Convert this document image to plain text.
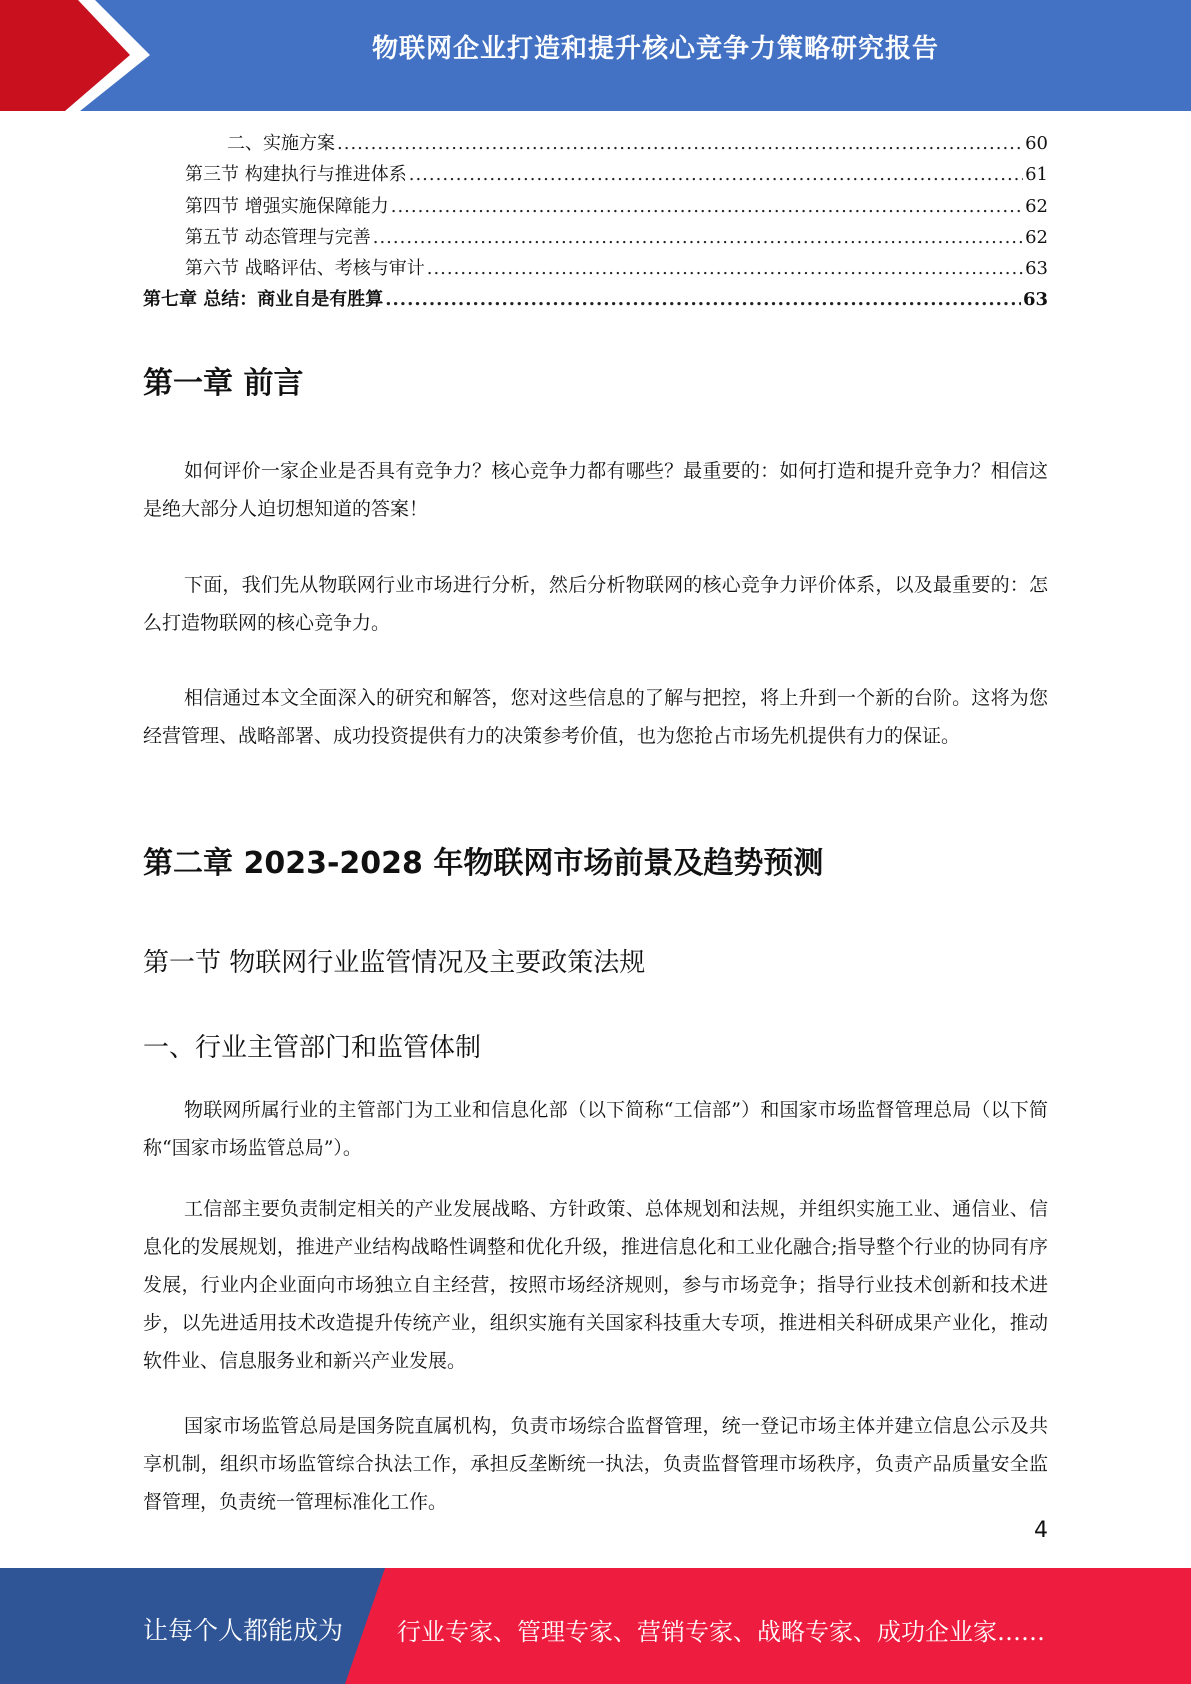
物联网企业打造和提升核心竞争力策略研究报告
二、实施方案 .....	60
第三节 构建执行与推进体系 .....	61
第四节 增强实施保障能力 .....	62
第五节 动态管理与完善 .....	62
第六节 战略评估、考核与审计 .....	63
第七章 总结：商业自是有胜算 .....	63
第一章 前言

如何评价一家企业是否具有竞争力？核心竞争力都有哪些？最重要的：如何打造和提升竞争力？相信这是绝大部分人迫切想知道的答案！

下面，我们先从物联网行业市场进行分析，然后分析物联网的核心竞争力评价体系，以及最重要的：怎么打造物联网的核心竞争力。

相信通过本文全面深入的研究和解答，您对这些信息的了解与把控，将上升到一个新的台阶。这将为您经营管理、战略部署、成功投资提供有力的决策参考价值，也为您抢占市场先机提供有力的保证。

第二章 2023-2028 年物联网市场前景及趋势预测
第一节 物联网行业监管情况及主要政策法规
一、行业主管部门和监管体制

物联网所属行业的主管部门为工业和信息化部（以下简称“工信部”）和国家市场监督管理总局（以下简称“国家市场监管总局”）。

工信部主要负责制定相关的产业发展战略、方针政策、总体规划和法规，并组织实施工业、通信业、信息化的发展规划，推进产业结构战略性调整和优化升级，推进信息化和工业化融合;指导整个行业的协同有序发展，行业内企业面向市场独立自主经营，按照市场经济规则，参与市场竞争；指导行业技术创新和技术进步，以先进适用技术改造提升传统产业，组织实施有关国家科技重大专项，推进相关科研成果产业化，推动软件业、信息服务业和新兴产业发展。

国家市场监管总局是国务院直属机构，负责市场综合监督管理，统一登记市场主体并建立信息公示及共享机制，组织市场监管综合执法工作，承担反垄断统一执法，负责监督管理市场秩序，负责产品质量安全监督管理，负责统一管理标准化工作。

4
让每个人都能成为 行业专家、管理专家、营销专家、战略专家、成功企业家……
